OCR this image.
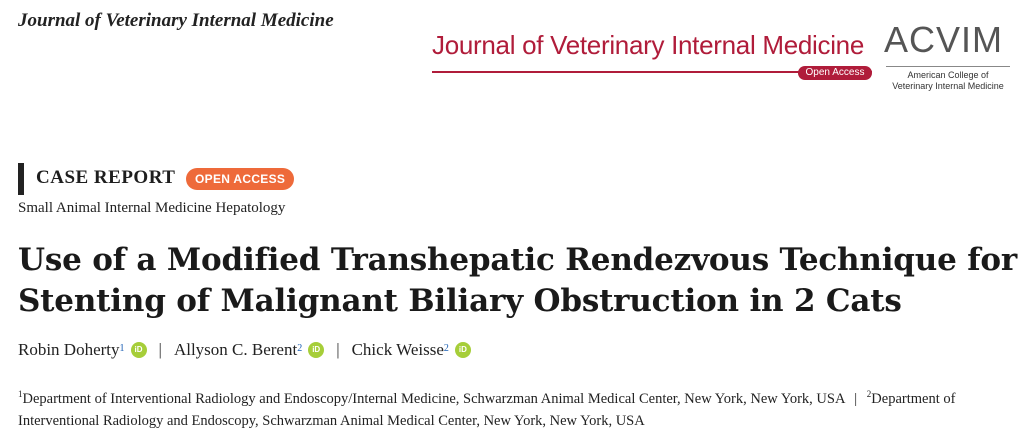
Journal of Veterinary Internal Medicine
Journal of Veterinary Internal Medicine
Open Access
ACVIM
American College of Veterinary Internal Medicine
CASE REPORT	OPEN ACCESS
Small Animal Internal Medicine Hepatology
Use of a Modified Transhepatic Rendezvous Technique for Stenting of Malignant Biliary Obstruction in 2 Cats
Robin Doherty$^1$	iD | Allyson C. Berent$^2$	iD | Chick Weisse$^2$	iD
$^1$Department of Interventional Radiology and Endoscopy/Internal Medicine, Schwarzman Animal Medical Center, New York, New York, USA | $^2$Department of Interventional Radiology and Endoscopy, Schwarzman Animal Medical Center, New York, New York, USA
